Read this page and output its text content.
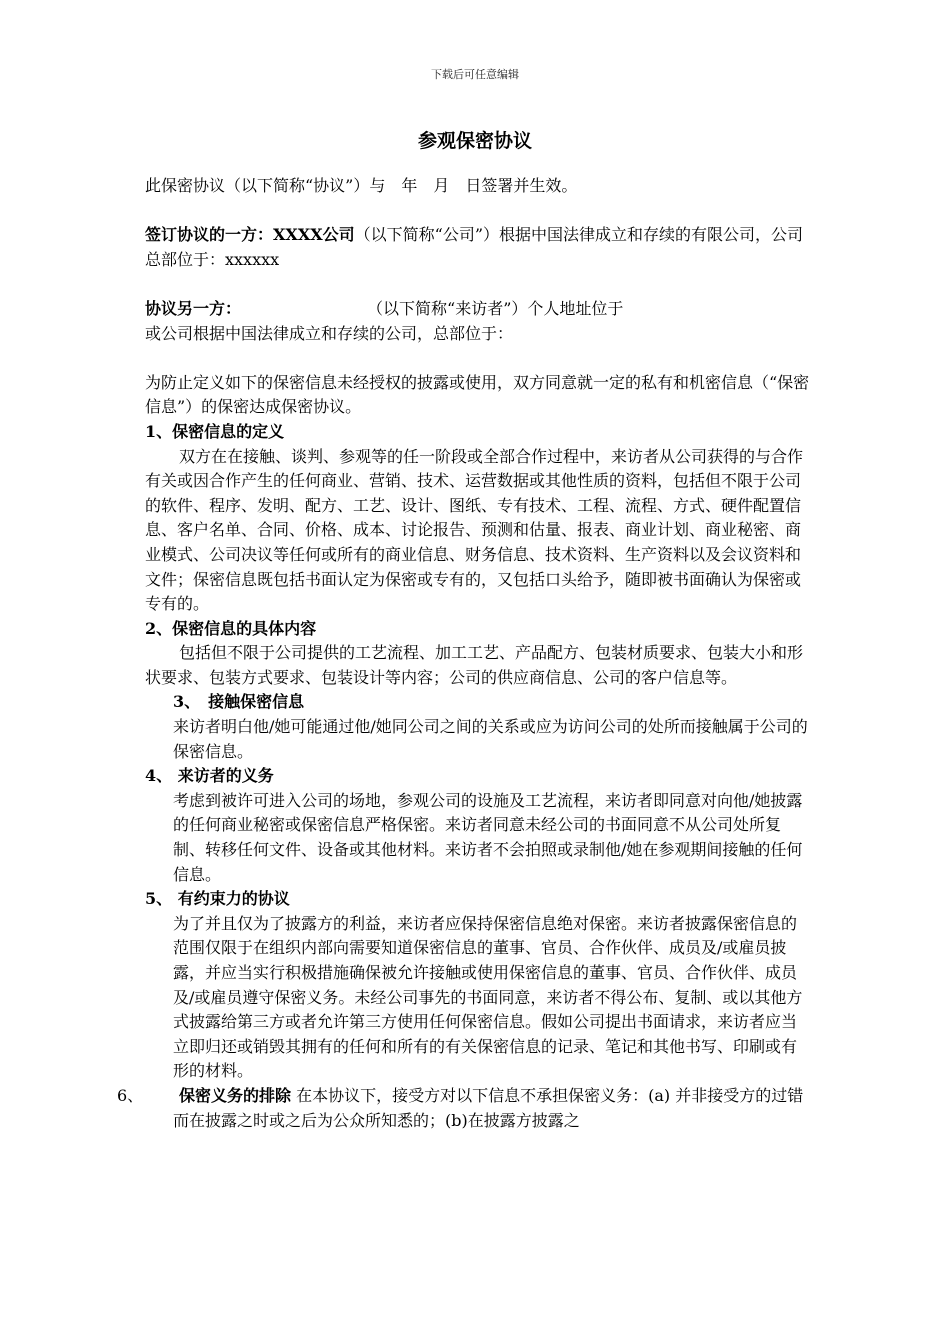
下载后可任意编辑
参观保密协议

此保密协议（以下简称“协议”）与　年　月　日签署并生效。

签订协议的一方：XXXX公司（以下简称“公司”）根据中国法律成立和存续的有限公司，公司总部位于：xxxxxx

协议另一方：	（以下简称“来访者”）个人地址位于

或公司根据中国法律成立和存续的公司，总部位于：

为防止定义如下的保密信息未经授权的披露或使用，双方同意就一定的私有和机密信息（“保密信息”）的保密达成保密协议。

1、保密信息的定义

双方在在接触、谈判、参观等的任一阶段或全部合作过程中，来访者从公司获得的与合作有关或因合作产生的任何商业、营销、技术、运营数据或其他性质的资料，包括但不限于公司的软件、程序、发明、配方、工艺、设计、图纸、专有技术、工程、流程、方式、硬件配置信息、客户名单、合同、价格、成本、讨论报告、预测和估量、报表、商业计划、商业秘密、商业模式、公司决议等任何或所有的商业信息、财务信息、技术资料、生产资料以及会议资料和文件；保密信息既包括书面认定为保密或专有的，又包括口头给予，随即被书面确认为保密或专有的。

2、保密信息的具体内容

包括但不限于公司提供的工艺流程、加工工艺、产品配方、包装材质要求、包装大小和形状要求、包装方式要求、包装设计等内容；公司的供应商信息、公司的客户信息等。

3、　接触保密信息

来访者明白他/她可能通过他/她同公司之间的关系或应为访问公司的处所而接触属于公司的保密信息。

4、 来访者的义务

考虑到被许可进入公司的场地，参观公司的设施及工艺流程，来访者即同意对向他/她披露的任何商业秘密或保密信息严格保密。来访者同意未经公司的书面同意不从公司处所复制、转移任何文件、设备或其他材料。来访者不会拍照或录制他/她在参观期间接触的任何信息。

5、 有约束力的协议

为了并且仅为了披露方的利益，来访者应保持保密信息绝对保密。来访者披露保密信息的范围仅限于在组织内部向需要知道保密信息的董事、官员、合作伙伴、成员及/或雇员披露，并应当实行积极措施确保被允许接触或使用保密信息的董事、官员、合作伙伴、成员及/或雇员遵守保密义务。未经公司事先的书面同意，来访者不得公布、复制、或以其他方式披露给第三方或者允许第三方使用任何保密信息。假如公司提出书面请求，来访者应当立即归还或销毁其拥有的任何和所有的有关保密信息的记录、笔记和其他书写、印刷或有形的材料。

6、 保密义务的排除 在本协议下，接受方对以下信息不承担保密义务：(a) 并非接受方的过错而在披露之时或之后为公众所知悉的；(b)在披露方披露之
